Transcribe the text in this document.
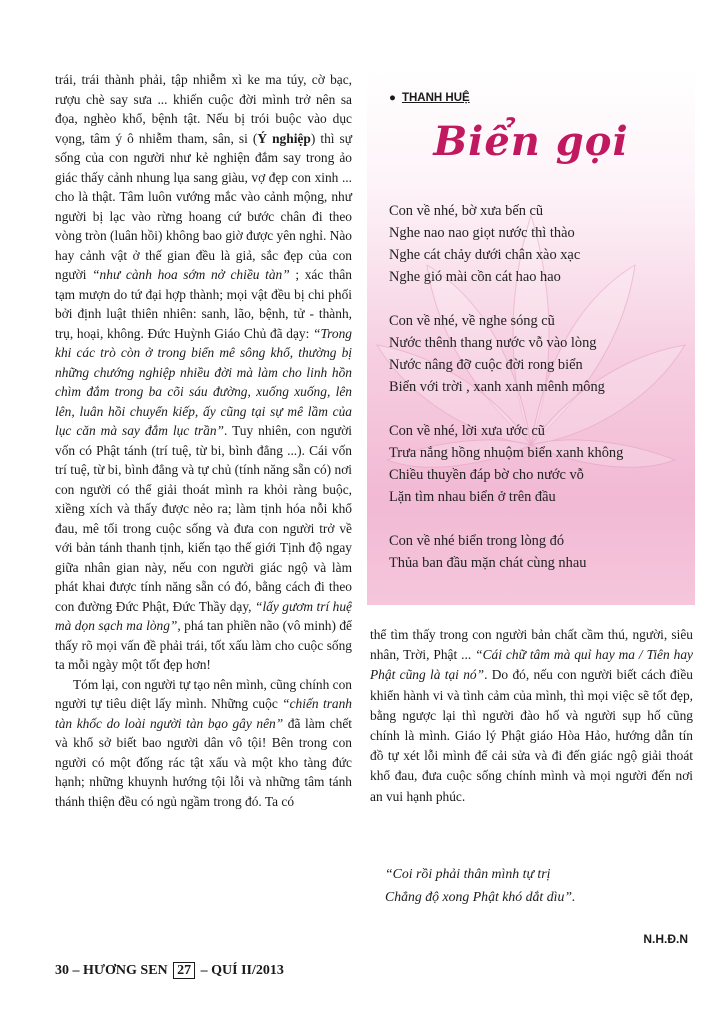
trái, trái thành phải, tập nhiễm xì ke ma túy, cờ bạc, rượu chè say sưa ... khiến cuộc đời mình trở nên sa đọa, nghèo khổ, bệnh tật. Nếu bị trói buộc vào dục vọng, tâm ý ô nhiễm tham, sân, si (Ý nghiệp) thì sự sống của con người như kẻ nghiện đắm say trong ảo giác thấy cảnh nhung lụa sang giàu, vợ đẹp con xinh ... cho là thật. Tâm luôn vướng mắc vào cảnh mộng, như người bị lạc vào rừng hoang cứ bước chân đi theo vòng tròn (luân hồi) không bao giờ được yên nghỉ. Nào hay cảnh vật ở thế gian đều là giả, sắc đẹp của con người “như cành hoa sớm nở chiều tàn” ; xác thân tạm mượn do tứ đại hợp thành; mọi vật đều bị chi phối bởi định luật thiên nhiên: sanh, lão, bệnh, tử - thành, trụ, hoại, không. Đức Huỳnh Giáo Chủ đã dạy: “Trong khi các trò còn ở trong biển mê sông khổ, thường bị những chướng nghiệp nhiều đời mà làm cho linh hồn chìm đắm trong ba cõi sáu đường, xuống xuống, lên lên, luân hồi chuyển kiếp, ấy cũng tại sự mê lầm của lục căn mà say đắm lục trần”. Tuy nhiên, con người vốn có Phật tánh (trí tuệ, từ bi, bình đẳng ...). Cái vốn trí tuệ, từ bi, bình đẳng và tự chủ (tính năng sẵn có) nơi con người có thể giải thoát mình ra khỏi ràng buộc, xiềng xích và thấy được nẻo ra; làm tịnh hóa nỗi khổ đau, mê tối trong cuộc sống và đưa con người trở về với bản tánh thanh tịnh, kiến tạo thế giới Tịnh độ ngay giữa nhân gian này, nếu con người giác ngộ và làm phát khai được tính năng sẵn có đó, bằng cách đi theo con đường Đức Phật, Đức Thầy dạy, “lấy gươm trí huệ mà dọn sạch ma lòng”, phá tan phiền não (vô minh) để thấy rõ mọi vấn đề phải trái, tốt xấu làm cho cuộc sống ta mỗi ngày một tốt đẹp hơn!

Tóm lại, con người tự tạo nên mình, cũng chính con người tự tiêu diệt lấy mình. Những cuộc “chiến tranh tàn khốc do loài người tàn bạo gây nên” đã làm chết và khổ sở biết bao người dân vô tội! Bên trong con người có một đống rác tật xấu và một kho tàng đức hạnh; những khuynh hướng tội lỗi và những tâm tánh thánh thiện đều có ngủ ngầm trong đó. Ta có

● THANH HUỆ
Biển gọi
Con về nhé, bờ xưa bến cũ
Nghe nao nao giọt nước thì thào
Nghe cát chảy dưới chân xào xạc
Nghe gió mài cồn cát hao hao
Con về nhé, về nghe sóng cũ
Nước thênh thang nước vỗ vào lòng
Nước nâng đỡ cuộc đời rong biển
Biển với trời , xanh xanh mênh mông
Con về nhé, lời xưa ước cũ
Trưa nắng hồng nhuộm biển xanh không
Chiều thuyền đáp bờ cho nước vỗ
Lặn tìm nhau biển ở trên đầu
Con về nhé biển trong lòng đó
Thủa ban đầu mặn chát cùng nhau

thể tìm thấy trong con người bản chất cầm thú, người, siêu nhân, Trời, Phật ... “Cái chữ tâm mà quỉ hay ma / Tiên hay Phật cũng là tại nó”. Do đó, nếu con người biết cách điều khiển hành vi và tình cảm của mình, thì mọi việc sẽ tốt đẹp, bằng ngược lại thì người đào hố và người sụp hố cũng chính là mình. Giáo lý Phật giáo Hòa Hảo, hướng dẫn tín đồ tự xét lỗi mình để cải sửa và đi đến giác ngộ giải thoát khổ đau, đưa cuộc sống chính mình và mọi người đến nơi an vui hạnh phúc.

“Coi rồi phải thân mình tự trị
Chẳng độ xong Phật khó dắt dìu”.
N.H.Đ.N
30 – HƯƠNG SEN 27 – QUÍ II/2013
